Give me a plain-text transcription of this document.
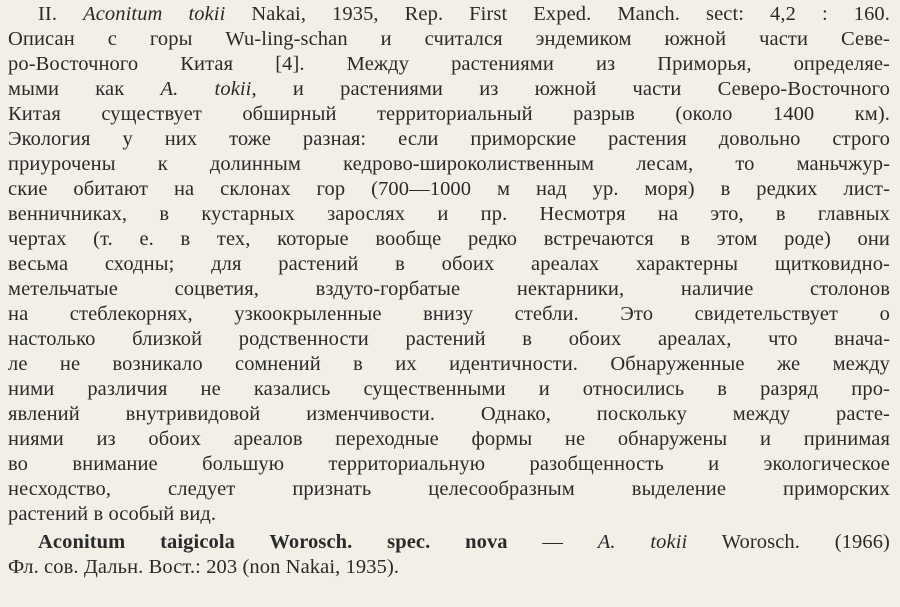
II. Aconitum tokii Nakai, 1935, Rep. First Exped. Manch. sect: 4,2 : 160.
Описан с горы Wu-ling-schan и считался эндемиком южной части Севе-
ро-Восточного Китая [4]. Между растениями из Приморья, определяе-
мыми как A. tokii, и растениями из южной части Северо-Восточного
Китая существует обширный территориальный разрыв (около 1400 км).
Экология у них тоже разная: если приморские растения довольно строго
приурочены к долинным кедрово-широколиственным лесам, то маньчжур-
ские обитают на склонах гор (700—1000 м над ур. моря) в редких лист-
венничниках, в кустарных зарослях и пр. Несмотря на это, в главных
чертах (т. е. в тех, которые вообще редко встречаются в этом роде) они
весьма сходны; для растений в обоих ареалах характерны щитковидно-
метельчатые соцветия, вздуто-горбатые нектарники, наличие столонов
на стеблекорнях, узкоокрыленные внизу стебли. Это свидетельствует о
настолько близкой родственности растений в обоих ареалах, что внача-
ле не возникало сомнений в их идентичности. Обнаруженные же между
ними различия не казались существенными и относились в разряд про-
явлений внутривидовой изменчивости. Однако, поскольку между расте-
ниями из обоих ареалов переходные формы не обнаружены и принимая
во внимание большую территориальную разобщенность и экологическое
несходство, следует признать целесообразным выделение приморских
растений в особый вид.
Aconitum taigicola Worosch. spec. nova — A. tokii Worosch. (1966)
Фл. сов. Дальн. Вост.: 203 (non Nakai, 1935).
